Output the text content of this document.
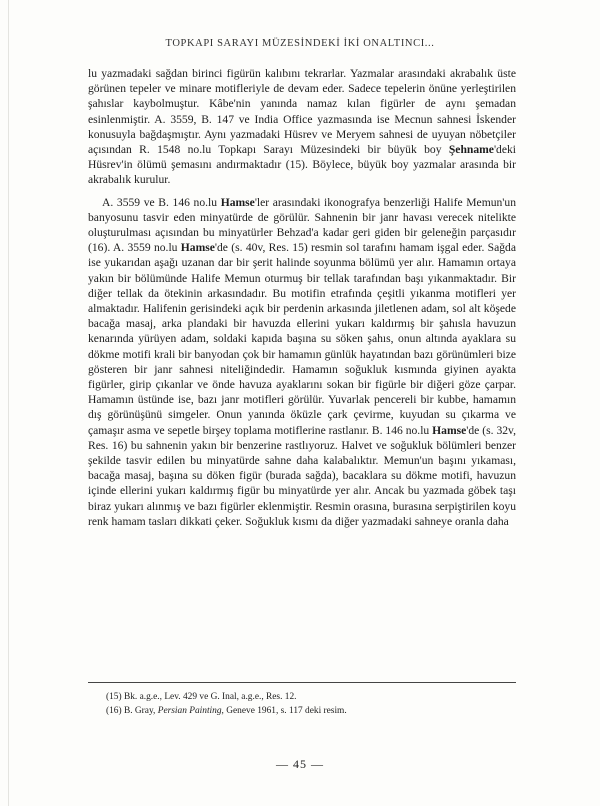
TOPKAPI SARAYI MÜZESİNDEKİ İKİ ONALTINCI...

lu yazmadaki sağdan birinci figürün kalıbını tekrarlar. Yazmalar arasındaki akrabalık üste görünen tepeler ve minare motifleriyle de devam eder. Sadece tepelerin önüne yerleştirilen şahıslar kaybolmuştur. Kâbe'nin yanında namaz kılan figürler de aynı şemadan esinlenmiştir. A. 3559, B. 147 ve India Office yazmasında ise Mecnun sahnesi İskender konusuyla bağdaşmıştır. Aynı yazmadaki Hüsrev ve Meryem sahnesi de uyuyan nöbetçiler açısından R. 1548 no.lu Topkapı Sarayı Müzesindeki bir büyük boy Şehname'deki Hüsrev'in ölümü şemasını andırmaktadır (15). Böylece, büyük boy yazmalar arasında bir akrabalık kurulur.

A. 3559 ve B. 146 no.lu Hamse'ler arasındaki ikonografya benzerliği Halife Memun'un banyosunu tasvir eden minyatürde de görülür. Sahnenin bir janr havası verecek nitelikte oluşturulması açısından bu minyatürler Behzad'a kadar geri giden bir geleneğin parçasıdır (16). A. 3559 no.lu Hamse'de (s. 40v, Res. 15) resmin sol tarafını hamam işgal eder. Sağda ise yukarıdan aşağı uzanan dar bir şerit halinde soyunma bölümü yer alır. Hamamın ortaya yakın bir bölümünde Halife Memun oturmuş bir tellak tarafından başı yıkanmaktadır. Bir diğer tellak da ötekinin arkasındadır. Bu motifin etrafında çeşitli yıkanma motifleri yer almaktadır. Halifenin gerisindeki açık bir perdenin arkasında jiletlenen adam, sol alt köşede bacağa masaj, arka plandaki bir havuzda ellerini yukarı kaldırmış bir şahısla havuzun kenarında yürüyen adam, soldaki kapıda başına su söken şahıs, onun altında ayaklara su dökme motifi krali bir banyodan çok bir hamamın günlük hayatından bazı görünümleri bize gösteren bir janr sahnesi niteliğindedir. Hamamın soğukluk kısmında giyinen ayakta figürler, girip çıkanlar ve önde havuza ayaklarını sokan bir figürle bir diğeri göze çarpar. Hamamın üstünde ise, bazı janr motifleri görülür. Yuvarlak pencereli bir kubbe, hamamın dış görünüşünü simgeler. Onun yanında öküzle çark çevirme, kuyudan su çıkarma ve çamaşır asma ve sepetle birşey toplama motiflerine rastlanır. B. 146 no.lu Hamse'de (s. 32v, Res. 16) bu sahnenin yakın bir benzerine rastlıyoruz. Halvet ve soğukluk bölümleri benzer şekilde tasvir edilen bu minyatürde sahne daha kalabalıktır. Memun'un başını yıkaması, bacağa masaj, başına su döken figür (burada sağda), bacaklara su dökme motifi, havuzun içinde ellerini yukarı kaldırmış figür bu minyatürde yer alır. Ancak bu yazmada göbek taşı biraz yukarı alınmış ve bazı figürler eklenmiştir. Resmin orasına, burasına serpiştirilen koyu renk hamam tasları dikkati çeker. Soğukluk kısmı da diğer yazmadaki sahneye oranla daha

(15) Bk. a.g.e., Lev. 429 ve G. Inal, a.g.e., Res. 12.
(16) B. Gray, Persian Painting, Geneve 1961, s. 117 deki resim.
— 45 —
